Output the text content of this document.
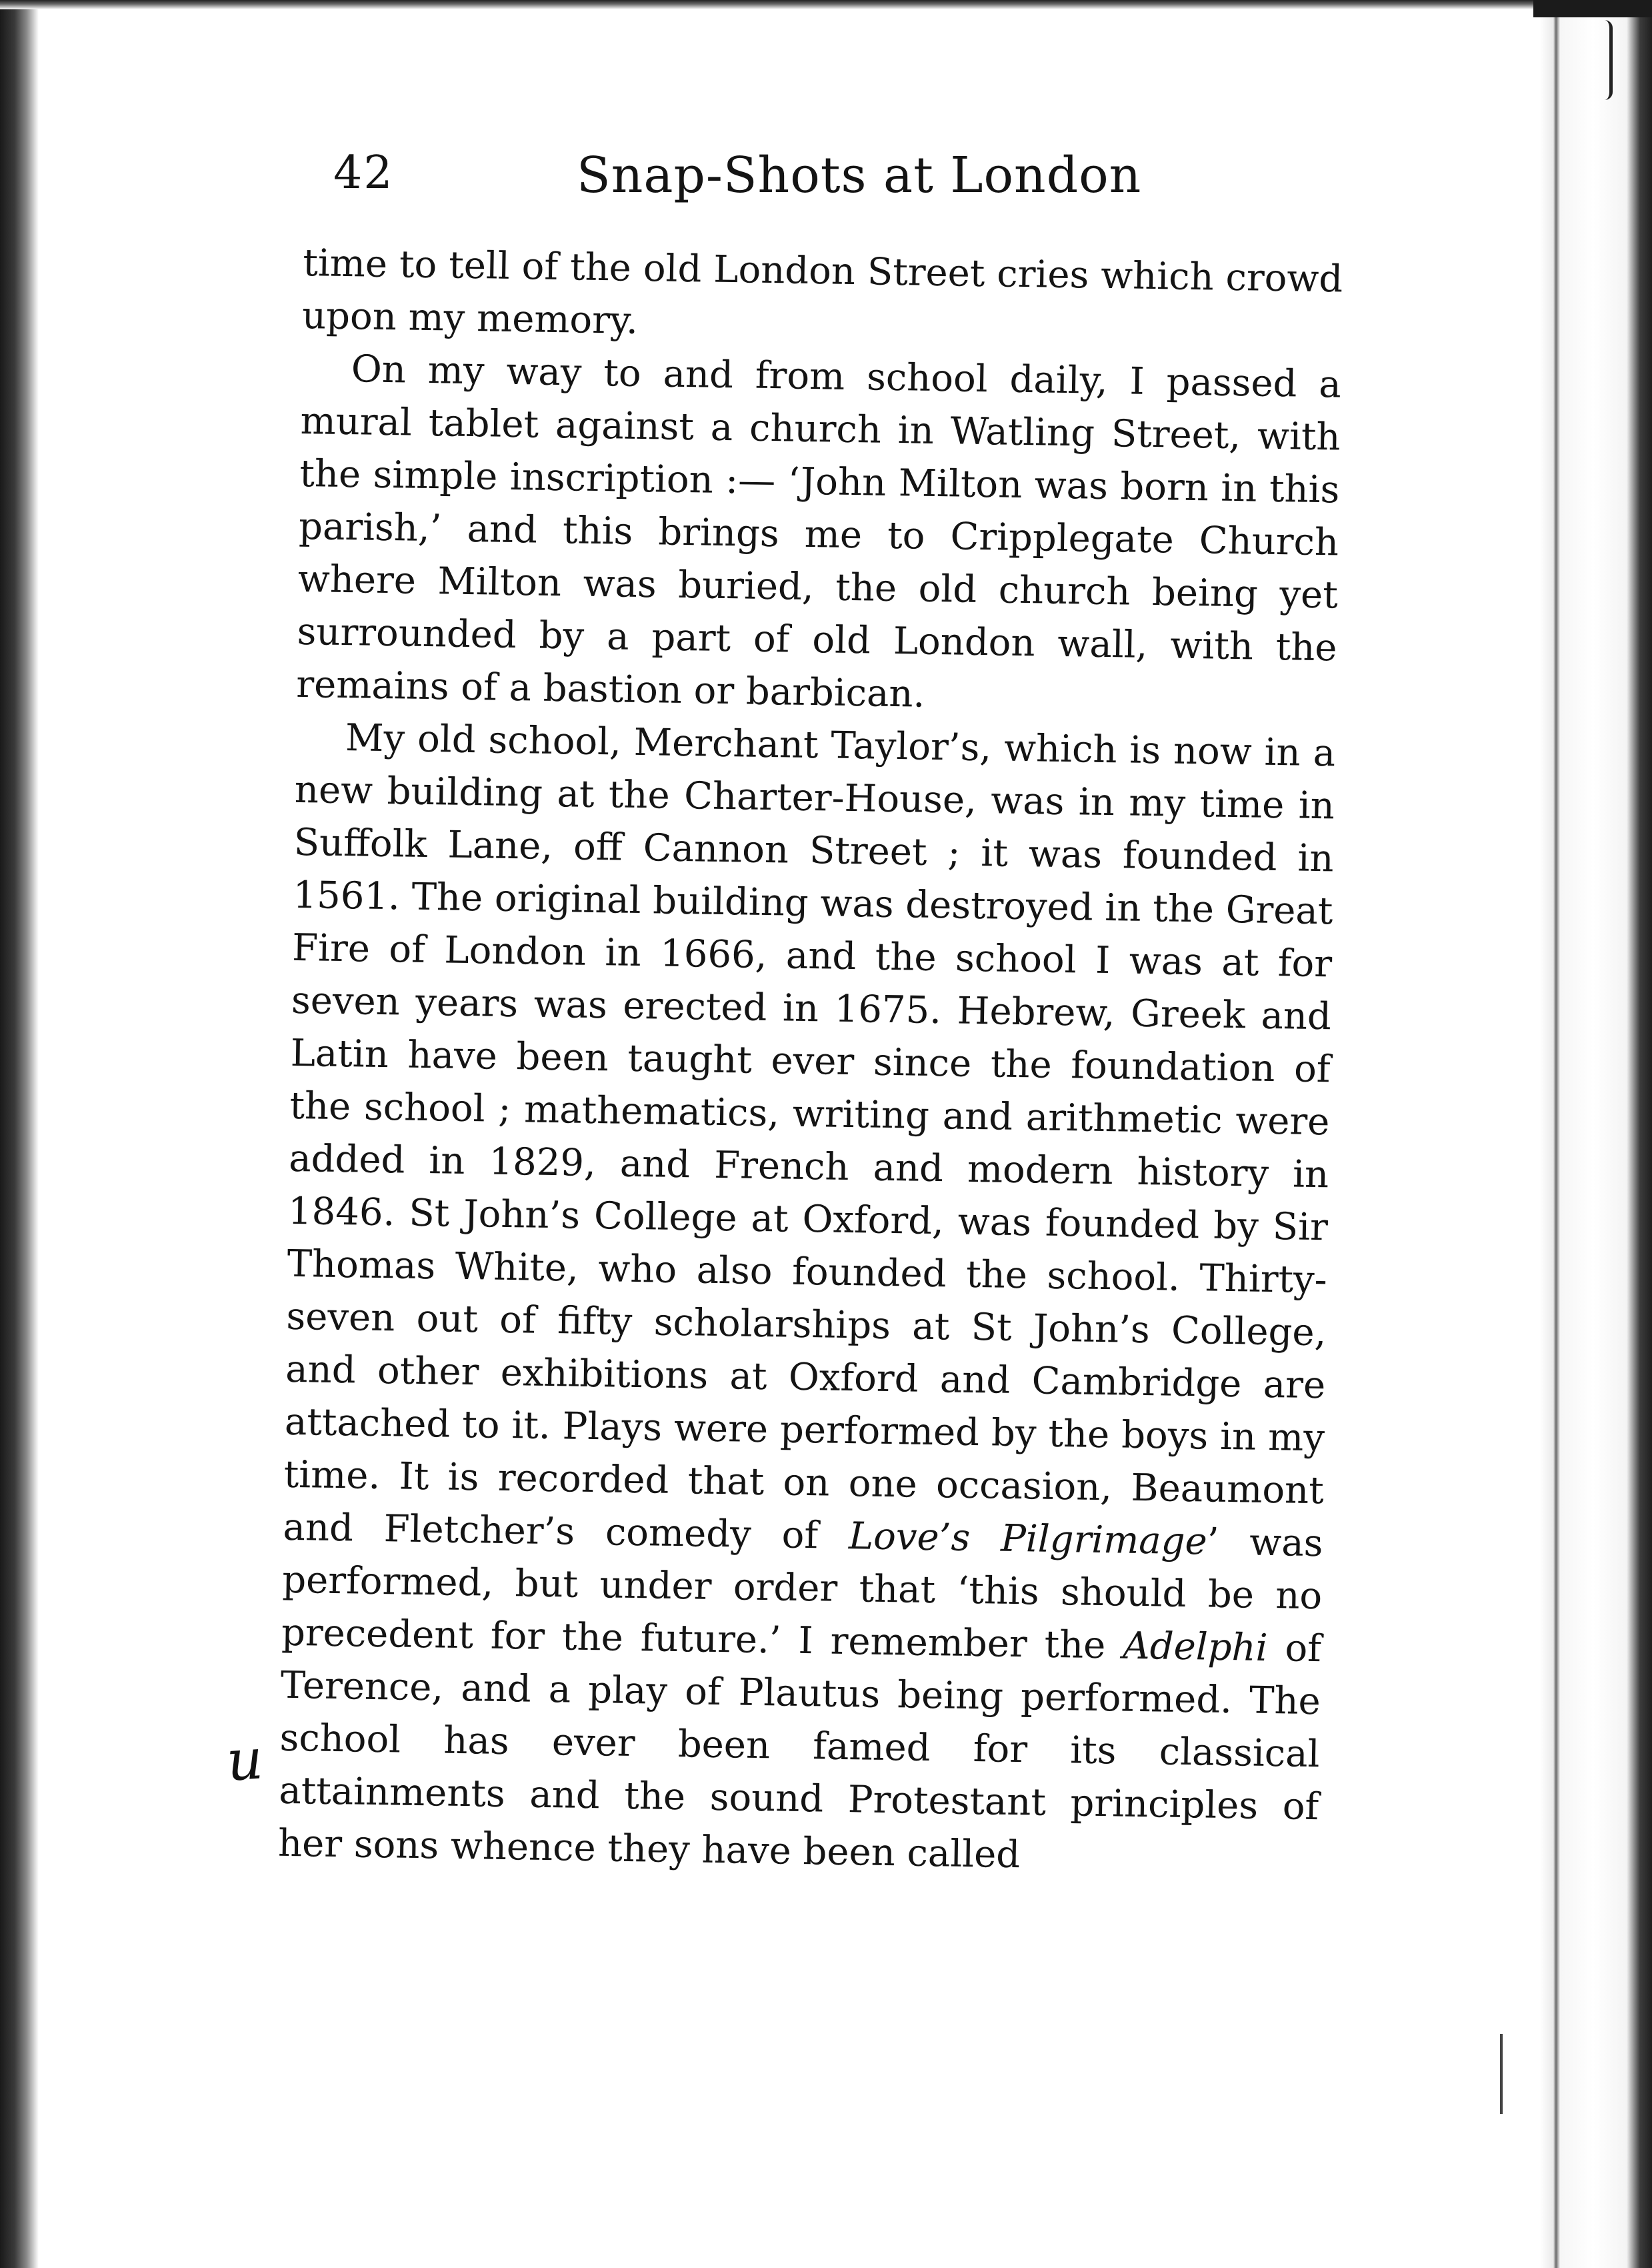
42	Snap-Shots at London

time to tell of the old London Street cries which crowd upon my memory.

On my way to and from school daily, I passed a mural tablet against a church in Watling Street, with the simple inscription :— ‘John Milton was born in this parish,’ and this brings me to Cripplegate Church where Milton was buried, the old church being yet surrounded by a part of old London wall, with the remains of a bastion or barbican.

My old school, Merchant Taylor’s, which is now in a new building at the Charter-House, was in my time in Suffolk Lane, off Cannon Street ; it was founded in 1561. The original building was destroyed in the Great Fire of London in 1666, and the school I was at for seven years was erected in 1675. Hebrew, Greek and Latin have been taught ever since the foundation of the school ; mathematics, writing and arithmetic were added in 1829, and French and modern history in 1846. St John’s College at Oxford, was founded by Sir Thomas White, who also founded the school. Thirty-seven out of fifty scholarships at St John’s College, and other exhibitions at Oxford and Cambridge are attached to it. Plays were performed by the boys in my time. It is recorded that on one occasion, Beaumont and Fletcher’s comedy of Love’s Pilgrimage’ was performed, but under order that ‘this should be no precedent for the future.’ I remember the Adelphi of Terence, and a play of Plautus being performed. The school has ever been famed for its classical attainments and the sound Protestant principles of her sons whence they have been called

u
